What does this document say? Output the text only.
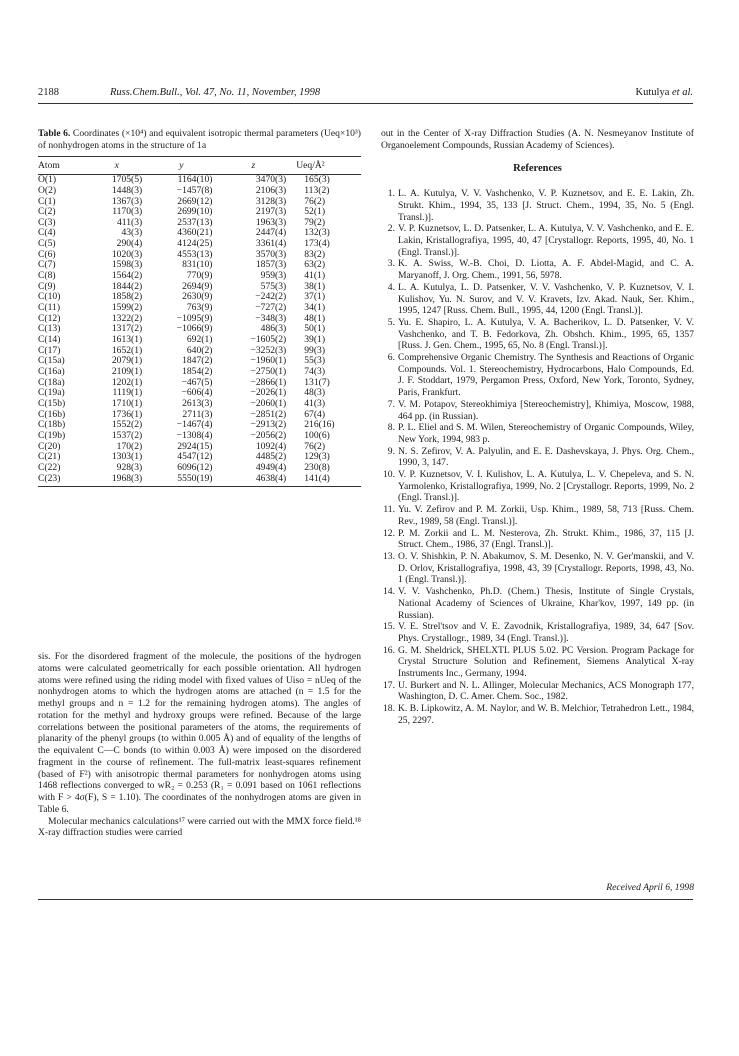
2188	Russ.Chem.Bull., Vol. 47, No. 11, November, 1998	Kutulya et al.
Table 6. Coordinates (×10⁴) and equivalent isotropic thermal parameters (Ueq×10³) of nonhydrogen atoms in the structure of 1a
Atom	x	y	z	Ueq/Å²
O(1)	1705(5)	1164(10)	3470(3)	165(3)
O(2)	1448(3)	−1457(8)	2106(3)	113(2)
C(1)	1367(3)	2669(12)	3128(3)	76(2)
C(2)	1170(3)	2699(10)	2197(3)	52(1)
C(3)	411(3)	2537(13)	1963(3)	79(2)
C(4)	43(3)	4360(21)	2447(4)	132(3)
C(5)	290(4)	4124(25)	3361(4)	173(4)
C(6)	1020(3)	4553(13)	3570(3)	83(2)
C(7)	1598(3)	831(10)	1857(3)	63(2)
C(8)	1564(2)	770(9)	959(3)	41(1)
C(9)	1844(2)	2694(9)	575(3)	38(1)
C(10)	1858(2)	2630(9)	−242(2)	37(1)
C(11)	1599(2)	763(9)	−727(2)	34(1)
C(12)	1322(2)	−1095(9)	−348(3)	48(1)
C(13)	1317(2)	−1066(9)	486(3)	50(1)
C(14)	1613(1)	692(1)	−1605(2)	39(1)
C(17)	1652(1)	640(2)	−3252(3)	99(3)
C(15a)	2079(1)	1847(2)	−1960(1)	55(3)
C(16a)	2109(1)	1854(2)	−2750(1)	74(3)
C(18a)	1202(1)	−467(5)	−2866(1)	131(7)
C(19a)	1119(1)	−606(4)	−2026(1)	48(3)
C(15b)	1710(1)	2613(3)	−2060(1)	41(3)
C(16b)	1736(1)	2711(3)	−2851(2)	67(4)
C(18b)	1552(2)	−1467(4)	−2913(2)	216(16)
C(19b)	1537(2)	−1308(4)	−2056(2)	100(6)
C(20)	170(2)	2924(15)	1092(4)	76(2)
C(21)	1303(1)	4547(12)	4485(2)	129(3)
C(22)	928(3)	6096(12)	4949(4)	230(8)
C(23)	1968(3)	5550(19)	4638(4)	141(4)

sis. For the disordered fragment of the molecule, the positions of the hydrogen atoms were calculated geometrically for each possible orientation. All hydrogen atoms were refined using the riding model with fixed values of Uiso = nUeq of the nonhydrogen atoms to which the hydrogen atoms are attached (n = 1.5 for the methyl groups and n = 1.2 for the remaining hydrogen atoms). The angles of rotation for the methyl and hydroxy groups were refined. Because of the large correlations between the positional parameters of the atoms, the requirements of planarity of the phenyl groups (to within 0.005 Å) and of equality of the lengths of the equivalent C—C bonds (to within 0.003 Å) were imposed on the disordered fragment in the course of refinement. The full-matrix least-squares refinement (based of F²) with anisotropic thermal parameters for nonhydrogen atoms using 1468 reflections converged to wR₂ = 0.253 (R₁ = 0.091 based on 1061 reflections with F > 4σ(F), S = 1.10). The coordinates of the nonhydrogen atoms are given in Table 6.

Molecular mechanics calculations¹⁷ were carried out with the MMX force field.¹⁸ X-ray diffraction studies were carried

out in the Center of X-ray Diffraction Studies (A. N. Nesmeyanov Institute of Organoelement Compounds, Russian Academy of Sciences).
References
1. L. A. Kutulya, V. V. Vashchenko, V. P. Kuznetsov, and E. E. Lakin, Zh. Strukt. Khim., 1994, 35, 133 [J. Struct. Chem., 1994, 35, No. 5 (Engl. Transl.)].
2. V. P. Kuznetsov, L. D. Patsenker, L. A. Kutulya, V. V. Vashchenko, and E. E. Lakin, Kristallografiya, 1995, 40, 47 [Crystallogr. Reports, 1995, 40, No. 1 (Engl. Transl.)].
3. K. A. Swiss, W.-B. Choi, D. Liotta, A. F. Abdel-Magid, and C. A. Maryanoff, J. Org. Chem., 1991, 56, 5978.
4. L. A. Kutulya, L. D. Patsenker, V. V. Vashchenko, V. P. Kuznetsov, V. I. Kulishov, Yu. N. Surov, and V. V. Kravets, Izv. Akad. Nauk, Ser. Khim., 1995, 1247 [Russ. Chem. Bull., 1995, 44, 1200 (Engl. Transl.)].
5. Yu. E. Shapiro, L. A. Kutulya, V. A. Bacherikov, L. D. Patsenker, V. V. Vashchenko, and T. B. Fedorkova, Zh. Obshch. Khim., 1995, 65, 1357 [Russ. J. Gen. Chem., 1995, 65, No. 8 (Engl. Transl.)].
6. Comprehensive Organic Chemistry. The Synthesis and Reactions of Organic Compounds. Vol. 1. Stereochemistry, Hydrocarbons, Halo Compounds, Ed. J. F. Stoddart, 1979, Pergamon Press, Oxford, New York, Toronto, Sydney, Paris, Frankfurt.
7. V. M. Potapov, Stereokhimiya [Stereochemistry], Khimiya, Moscow, 1988, 464 pp. (in Russian).
8. P. L. Eliel and S. M. Wilen, Stereochemistry of Organic Compounds, Wiley, New York, 1994, 983 p.
9. N. S. Zefirov, V. A. Palyulin, and E. E. Dashevskaya, J. Phys. Org. Chem., 1990, 3, 147.
10. V. P. Kuznetsov, V. I. Kulishov, L. A. Kutulya, L. V. Chepeleva, and S. N. Yarmolenko, Kristallografiya, 1999, No. 2 [Crystallogr. Reports, 1999, No. 2 (Engl. Transl.)].
11. Yu. V. Zefirov and P. M. Zorkii, Usp. Khim., 1989, 58, 713 [Russ. Chem. Rev., 1989, 58 (Engl. Transl.)].
12. P. M. Zorkii and L. M. Nesterova, Zh. Strukt. Khim., 1986, 37, 115 [J. Struct. Chem., 1986, 37 (Engl. Transl.)].
13. O. V. Shishkin, P. N. Abakumov, S. M. Desenko, N. V. Ger'manskii, and V. D. Orlov, Kristallografiya, 1998, 43, 39 [Crystallogr. Reports, 1998, 43, No. 1 (Engl. Transl.)].
14. V. V. Vashchenko, Ph.D. (Chem.) Thesis, Institute of Single Crystals, National Academy of Sciences of Ukraine, Khar'kov, 1997, 149 pp. (in Russian).
15. V. E. Strel'tsov and V. E. Zavodnik, Kristallografiya, 1989, 34, 647 [Sov. Phys. Crystallogr., 1989, 34 (Engl. Transl.)].
16. G. M. Sheldrick, SHELXTL PLUS 5.02. PC Version. Program Package for Crystal Structure Solution and Refinement, Siemens Analytical X-ray Instruments Inc., Germany, 1994.
17. U. Burkert and N. L. Allinger, Molecular Mechanics, ACS Monograph 177, Washington, D. C. Amer. Chem. Soc., 1982.
18. K. B. Lipkowitz, A. M. Naylor, and W. B. Melchior, Tetrahedron Lett., 1984, 25, 2297.
Received April 6, 1998
